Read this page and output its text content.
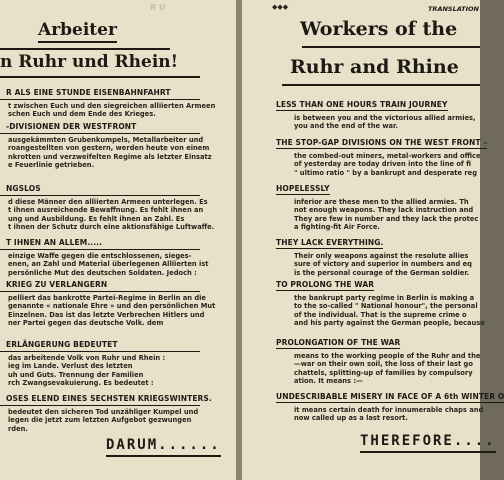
R U
Arbeiter
n Ruhr und Rhein!
R ALS EINE STUNDE EISENBAHNFAHRT
t zwischen Euch und den siegreichen alliierten Armeen
schen Euch und dem Ende des Krieges.
-DIVISIONEN DER WESTFRONT
ausgekämmten Grubenkumpels, Metallarbeiter und
roangestellten von gestern, werden heute von einem
nkrotten und verzweifelten Regime als letzter Einsatz
e Feuerlinie getrieben.
NGSLOS
d diese Männer den alliierten Armeen unterlegen. Es
t ihnen ausreichende Bewaffnung. Es fehlt ihnen an
ung und Ausbildung. Es fehlt ihnen an Zahl. Es
t ihnen der Schutz durch eine aktionsfähige Luftwaffe.
T IHNEN AN ALLEM.....
einzige Waffe gegen die entschlossenen, sieges-
enen, an Zahl und Material überlegenen Alliierten ist
persönliche Mut des deutschen Soldaten. Jedoch :
KRIEG ZU VERLANGERN
pelliert das bankrotte Partei-Regime in Berlin an die
genannte « nationale Ehre » und den persönlichen Mut
Einzelnen. Das ist das letzte Verbrechen Hitlers und
ner Partei gegen das deutsche Volk. dem
ERLÄNGERUNG BEDEUTET
das arbeitende Volk von Ruhr und Rhein :
ieg im Lande. Verlust des letzten
uh und Guts. Trennung der Familien
rch Zwangsevakuierung. Es bedeutet :
OSES ELEND EINES SECHSTEN KRIEGSWINTERS.
bedeutet den sicheren Tod unzähliger Kumpel und
legen die jetzt zum letzten Aufgebot gezwungen
rden.
DARUM......
TRANSLATION
◆◆◆
Workers of the
Ruhr and Rhine
LESS THAN ONE HOURS TRAIN JOURNEY
is between you and the victorious allied armies,
you and the end of the war.
THE STOP-GAP DIVISIONS ON THE WEST FRONT –
the combed-out miners, metal-workers and office
of yesterday are today driven into the line of fi
" ultimo ratio " by a bankrupt and desperate reg
HOPELESSLY
inferior are these men to the allied armies. Th
not enough weapons. They lack instruction and
They are few in number and they lack the protec
a fighting-fit Air Force.
THEY LACK EVERYTHING.
Their only weapons against the resolute allies
sure of victory and superior in numbers and eq
is the personal courage of the German soldier.
TO PROLONG THE WAR
the bankrupt party regime in Berlin is making a
to the so-called " National honour", the personal
of the individual. That is the supreme crime o
and his party against the German people, because
PROLONGATION OF THE WAR
means to the working people of the Ruhr and the
—war on their own soil, the loss of their last go
chattels, splitting-up of families by compulsory
ation. It means :—
UNDESCRIBABLE MISERY IN FACE OF A 6th WINTER O
it means certain death for innumerable chaps and
now called up as a last resort.
THEREFORE....
